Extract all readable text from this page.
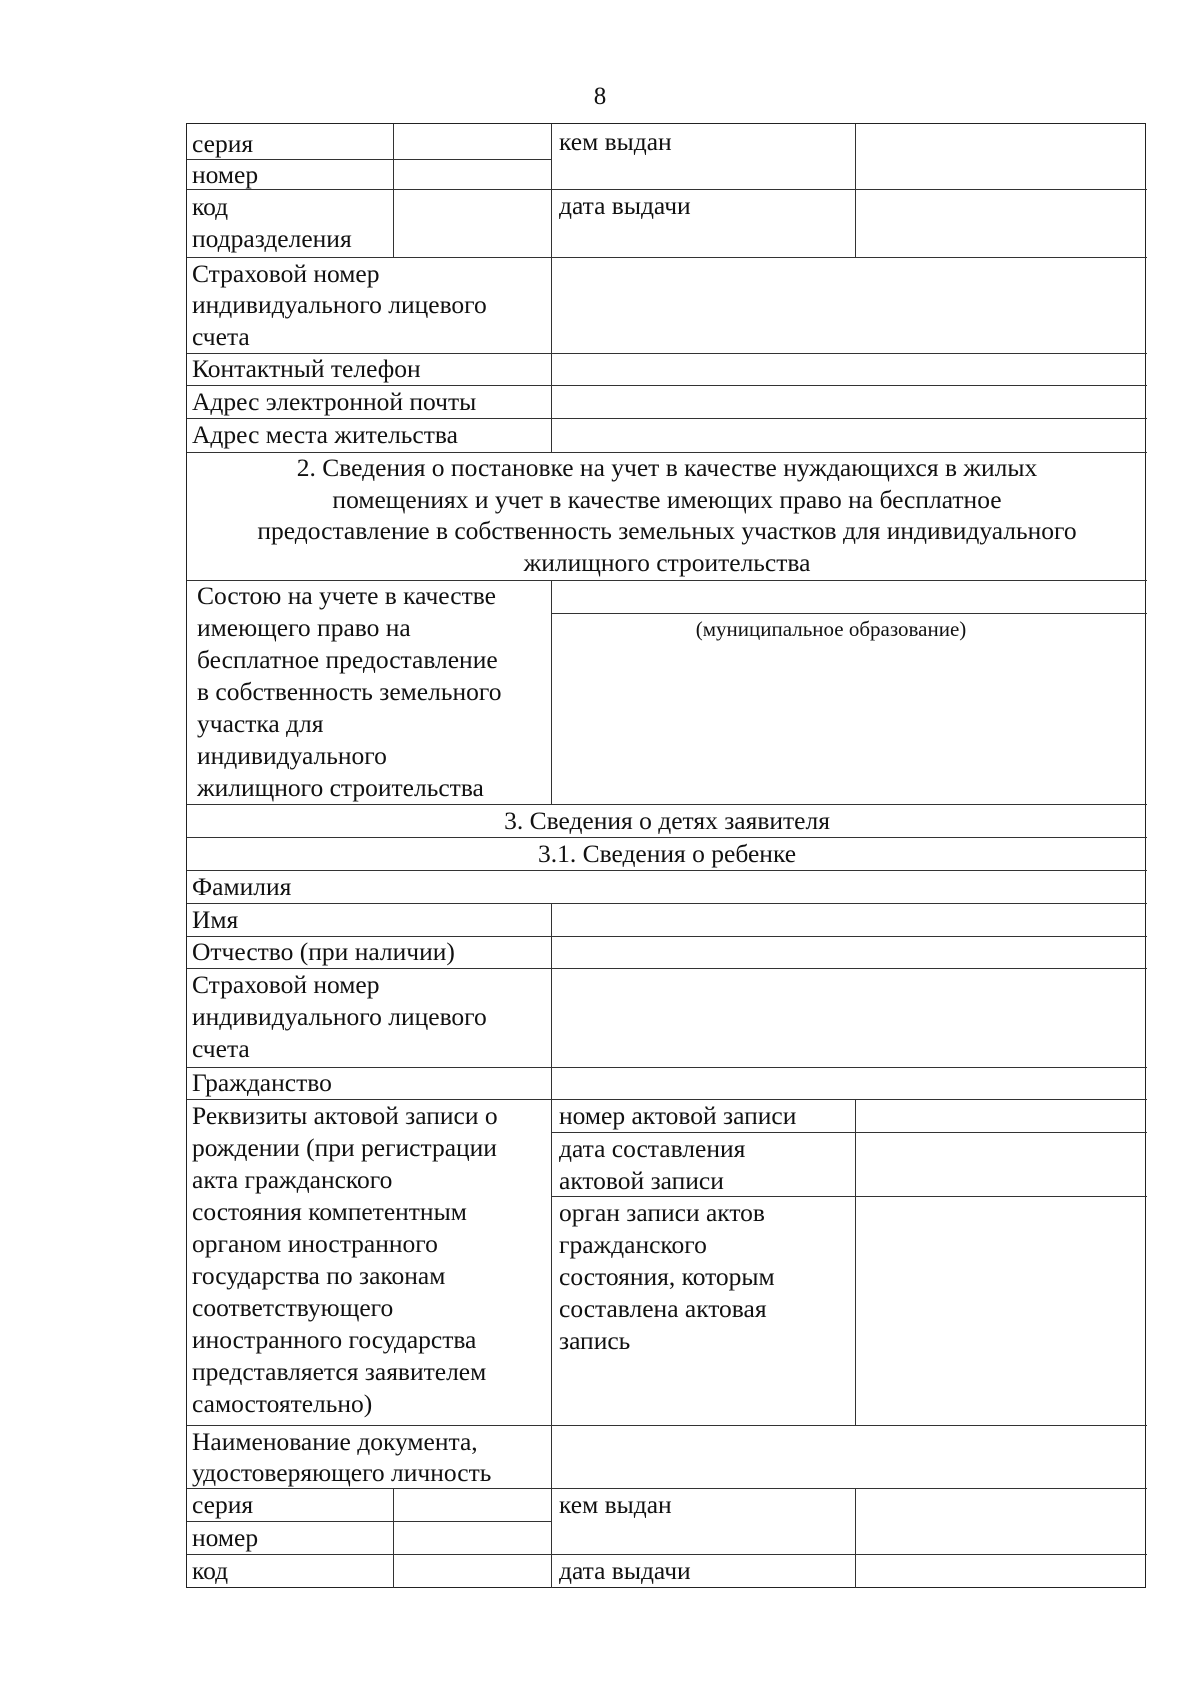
8
серия
номер
код
подразделения
кем выдан
дата выдачи
Страховой номер
индивидуального лицевого
счета
Контактный телефон
Адрес электронной почты
Адрес места жительства
2. Сведения о постановке на учет в качестве нуждающихся в жилых
помещениях и учет в качестве имеющих право на бесплатное
предоставление в собственность земельных участков для индивидуального
жилищного строительства
Состою на учете в качестве
имеющего право на
бесплатное предоставление
в собственность земельного
участка для
индивидуального
жилищного строительства
(муниципальное образование)
3. Сведения о детях заявителя
3.1. Сведения о ребенке
Фамилия
Имя
Отчество (при наличии)
Страховой номер
индивидуального лицевого
счета
Гражданство
Реквизиты актовой записи о
рождении (при регистрации
акта гражданского
состояния компетентным
органом иностранного
государства по законам
соответствующего
иностранного государства
представляется заявителем
самостоятельно)
номер актовой записи
дата составления
актовой записи
орган записи актов
гражданского
состояния, которым
составлена актовая
запись
Наименование документа,
удостоверяющего личность
серия
номер
код
кем выдан
дата выдачи
